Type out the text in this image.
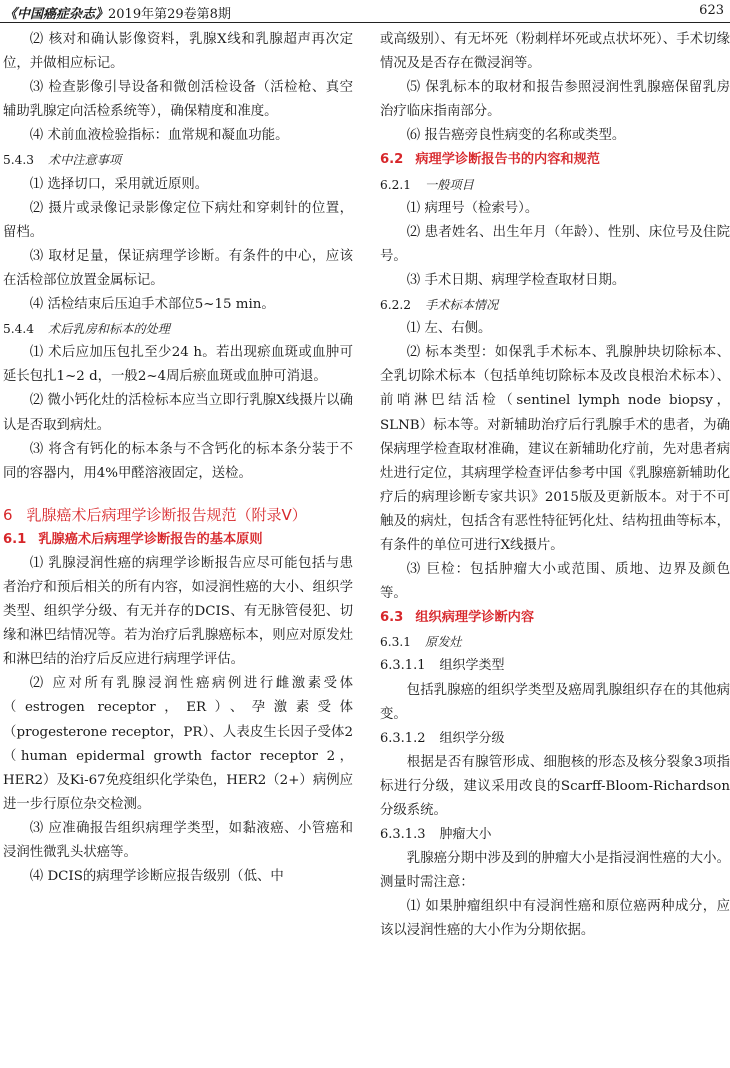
《中国癌症杂志》2019年第29卷第8期	623

⑵ 核对和确认影像资料，乳腺X线和乳腺超声再次定位，并做相应标记。

⑶ 检查影像引导设备和微创活检设备（活检枪、真空辅助乳腺定向活检系统等），确保精度和准度。

⑷ 术前血液检验指标：血常规和凝血功能。

5.4.3 术中注意事项

⑴ 选择切口，采用就近原则。

⑵ 摄片或录像记录影像定位下病灶和穿刺针的位置，留档。

⑶ 取材足量，保证病理学诊断。有条件的中心，应该在活检部位放置金属标记。

⑷ 活检结束后压迫手术部位5~15 min。

5.4.4 术后乳房和标本的处理

⑴ 术后应加压包扎至少24 h。若出现瘀血斑或血肿可延长包扎1~2 d，一般2~4周后瘀血斑或血肿可消退。

⑵ 微小钙化灶的活检标本应当立即行乳腺X线摄片以确认是否取到病灶。

⑶ 将含有钙化的标本条与不含钙化的标本条分装于不同的容器内，用4%甲醛溶液固定，送检。

6 乳腺癌术后病理学诊断报告规范（附录Ⅴ）
6.1 乳腺癌术后病理学诊断报告的基本原则

⑴ 乳腺浸润性癌的病理学诊断报告应尽可能包括与患者治疗和预后相关的所有内容，如浸润性癌的大小、组织学类型、组织学分级、有无并存的DCIS、有无脉管侵犯、切缘和淋巴结情况等。若为治疗后乳腺癌标本，则应对原发灶和淋巴结的治疗后反应进行病理学评估。

⑵ 应对所有乳腺浸润性癌病例进行雌激素受体（estrogen receptor，ER）、孕激素受体（progesterone receptor，PR）、人表皮生长因子受体2（human epidermal growth factor receptor 2，HER2）及Ki-67免疫组织化学染色，HER2（2+）病例应进一步行原位杂交检测。

⑶ 应准确报告组织病理学类型，如黏液癌、小管癌和浸润性微乳头状癌等。

⑷ DCIS的病理学诊断应报告级别（低、中

或高级别）、有无坏死（粉刺样坏死或点状坏死）、手术切缘情况及是否存在微浸润等。

⑸ 保乳标本的取材和报告参照浸润性乳腺癌保留乳房治疗临床指南部分。

⑹ 报告癌旁良性病变的名称或类型。

6.2 病理学诊断报告书的内容和规范
6.2.1 一般项目

⑴ 病理号（检索号）。

⑵ 患者姓名、出生年月（年龄）、性别、床位号及住院号。

⑶ 手术日期、病理学检查取材日期。

6.2.2 手术标本情况

⑴ 左、右侧。

⑵ 标本类型：如保乳手术标本、乳腺肿块切除标本、全乳切除术标本（包括单纯切除标本及改良根治术标本）、前哨淋巴结活检（sentinel lymph node biopsy，SLNB）标本等。对新辅助治疗后行乳腺手术的患者，为确保病理学检查取材准确，建议在新辅助化疗前，先对患者病灶进行定位，其病理学检查评估参考中国《乳腺癌新辅助化疗后的病理诊断专家共识》2015版及更新版本。对于不可触及的病灶，包括含有恶性特征钙化灶、结构扭曲等标本，有条件的单位可进行X线摄片。

⑶ 巨检：包括肿瘤大小或范围、质地、边界及颜色等。

6.3 组织病理学诊断内容
6.3.1 原发灶
6.3.1.1 组织学类型

包括乳腺癌的组织学类型及癌周乳腺组织存在的其他病变。

6.3.1.2 组织学分级

根据是否有腺管形成、细胞核的形态及核分裂象3项指标进行分级，建议采用改良的Scarff-Bloom-Richardson分级系统。

6.3.1.3 肿瘤大小

乳腺癌分期中涉及到的肿瘤大小是指浸润性癌的大小。测量时需注意：

⑴ 如果肿瘤组织中有浸润性癌和原位癌两种成分，应该以浸润性癌的大小作为分期依据。
